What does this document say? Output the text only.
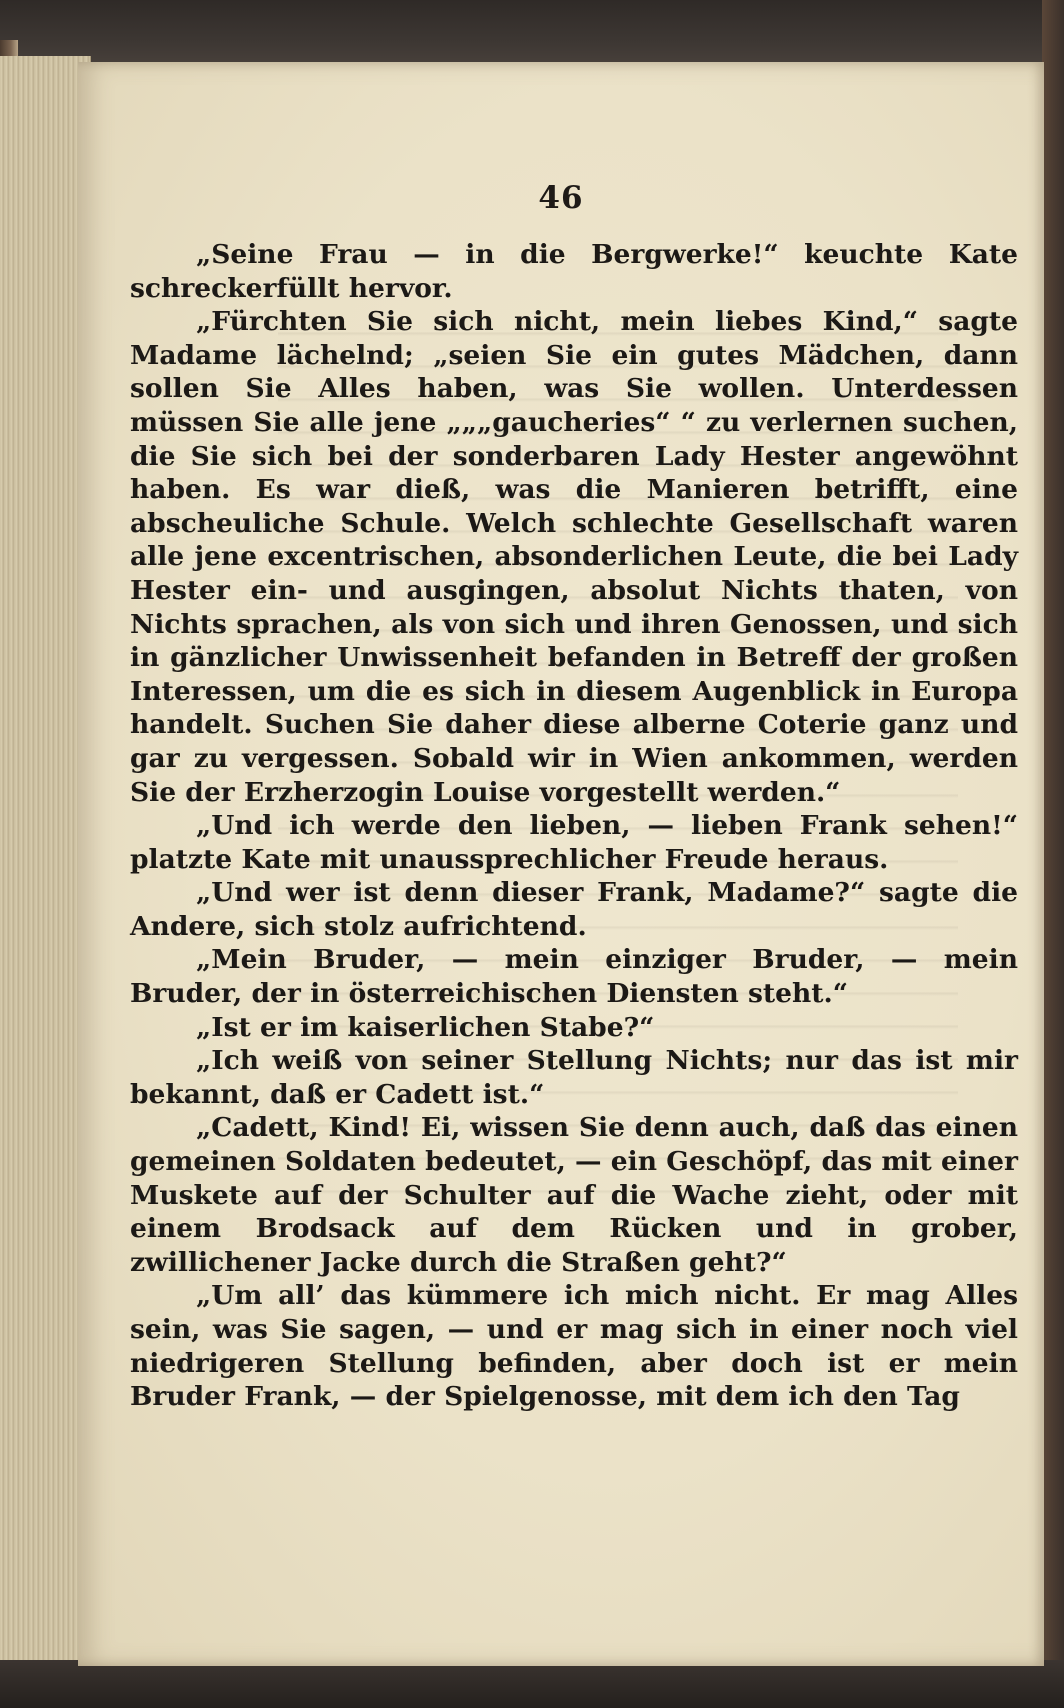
46

„Seine Frau — in die Bergwerke!“ keuchte Kate schreckerfüllt hervor.

„Fürchten Sie sich nicht, mein liebes Kind,“ sagte Madame lächelnd; „seien Sie ein gutes Mädchen, dann sollen Sie Alles haben, was Sie wollen. Unterdessen müssen Sie alle jene „„„gaucheries“ “ zu verlernen suchen, die Sie sich bei der sonderbaren Lady Hester angewöhnt haben. Es war dieß, was die Manieren betrifft, eine abscheuliche Schule. Welch schlechte Gesellschaft waren alle jene excentrischen, absonderlichen Leute, die bei Lady Hester ein- und ausgingen, absolut Nichts thaten, von Nichts sprachen, als von sich und ihren Genossen, und sich in gänzlicher Unwissenheit befanden in Betreff der großen Interessen, um die es sich in diesem Augenblick in Europa handelt. Suchen Sie daher diese alberne Coterie ganz und gar zu vergessen. Sobald wir in Wien ankommen, werden Sie der Erzherzogin Louise vorgestellt werden.“

„Und ich werde den lieben, — lieben Frank sehen!“ platzte Kate mit unaussprechlicher Freude heraus.

„Und wer ist denn dieser Frank, Madame?“ sagte die Andere, sich stolz aufrichtend.

„Mein Bruder, — mein einziger Bruder, — mein Bruder, der in österreichischen Diensten steht.“

„Ist er im kaiserlichen Stabe?“

„Ich weiß von seiner Stellung Nichts; nur das ist mir bekannt, daß er Cadett ist.“

„Cadett, Kind! Ei, wissen Sie denn auch, daß das einen gemeinen Soldaten bedeutet, — ein Geschöpf, das mit einer Muskete auf der Schulter auf die Wache zieht, oder mit einem Brodsack auf dem Rücken und in grober, zwillichener Jacke durch die Straßen geht?“

„Um all’ das kümmere ich mich nicht. Er mag Alles sein, was Sie sagen, — und er mag sich in einer noch viel niedrigeren Stellung befinden, aber doch ist er mein Bruder Frank, — der Spielgenosse, mit dem ich den Tag
